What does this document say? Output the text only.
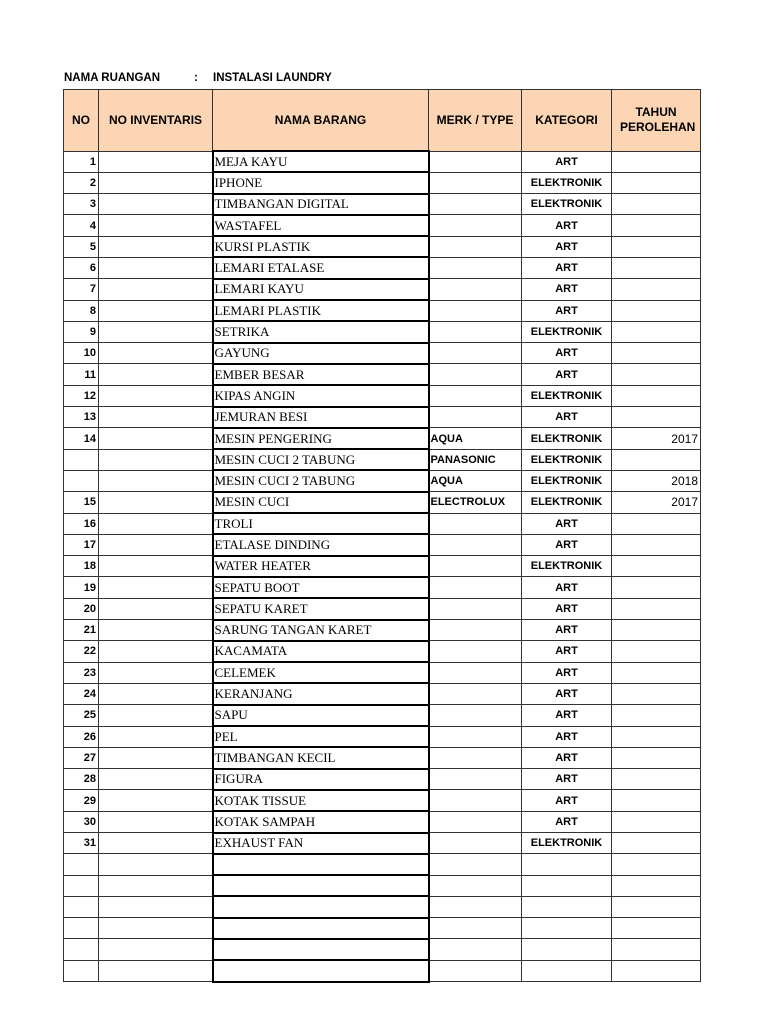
NAMA RUANGAN	: INSTALASI LAUNDRY
NO	NO INVENTARIS	NAMA BARANG	MERK / TYPE	KATEGORI	TAHUN PEROLEHAN
1		MEJA KAYU		ART	
2		IPHONE		ELEKTRONIK	
3		TIMBANGAN DIGITAL		ELEKTRONIK	
4		WASTAFEL		ART	
5		KURSI PLASTIK		ART	
6		LEMARI ETALASE		ART	
7		LEMARI KAYU		ART	
8		LEMARI PLASTIK		ART	
9		SETRIKA		ELEKTRONIK	
10		GAYUNG		ART	
11		EMBER BESAR		ART	
12		KIPAS ANGIN		ELEKTRONIK	
13		JEMURAN BESI		ART	
14		MESIN PENGERING	AQUA	ELEKTRONIK	2017
		MESIN CUCI 2 TABUNG	PANASONIC	ELEKTRONIK	
		MESIN CUCI 2 TABUNG	AQUA	ELEKTRONIK	2018
15		MESIN CUCI	ELECTROLUX	ELEKTRONIK	2017
16		TROLI		ART	
17		ETALASE DINDING		ART	
18		WATER HEATER		ELEKTRONIK	
19		SEPATU BOOT		ART	
20		SEPATU KARET		ART	
21		SARUNG TANGAN KARET		ART	
22		KACAMATA		ART	
23		CELEMEK		ART	
24		KERANJANG		ART	
25		SAPU		ART	
26		PEL		ART	
27		TIMBANGAN KECIL		ART	
28		FIGURA		ART	
29		KOTAK TISSUE		ART	
30		KOTAK SAMPAH		ART	
31		EXHAUST FAN		ELEKTRONIK	
